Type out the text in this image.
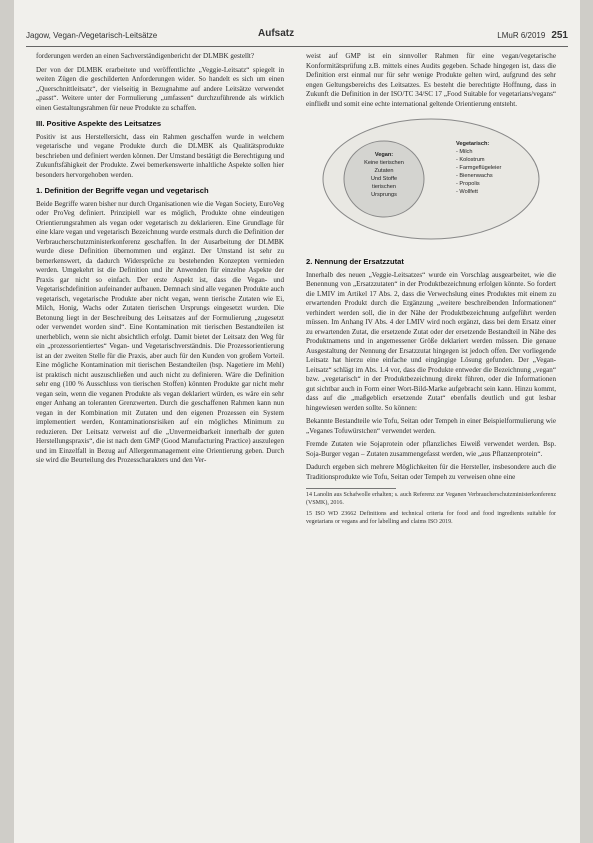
Jagow, Vegan-/Vegetarisch-Leitsätze	Aufsatz	LMuR 6/2019 251

forderungen werden an einen Sachverständigenbericht der DLMBK gestellt?

Der von der DLMBK erarbeitete und veröffentlichte „Veggie-Leitsatz“ spiegelt in weiten Zügen die geschilderten Anforderungen wider. So handelt es sich um einen „Querschnittleitsatz“, der vielseitig in Bezugnahme auf andere Leitsätze verwendet „passt“. Weitere unter der Formulierung „umfassen“ durchzuführende als wirklich einen Gestaltungsrahmen für neue Produkte zu schaffen.

III. Positive Aspekte des Leitsatzes

Positiv ist aus Herstellersicht, dass ein Rahmen geschaffen wurde in welchem vegetarische und vegane Produkte durch die DLMBK als Qualitätsprodukte beschrieben und definiert werden können. Der Umstand bestätigt die Berechtigung und Zukunftsfähigkeit der Produkte. Zwei bemerkenswerte inhaltliche Aspekte sollen hier besonders hervorgehoben werden.

1. Definition der Begriffe vegan und vegetarisch

Beide Begriffe waren bisher nur durch Organisationen wie die Vegan Society, EuroVeg oder ProVeg definiert. Prinzipiell war es möglich, Produkte ohne eindeutigen Orientierungsrahmen als vegan oder vegetarisch zu deklarieren. Eine Grundlage für eine klare vegan und vegetarisch Bezeichnung wurde erstmals durch die Definition der Verbraucherschutzministerkonferenz geschaffen. In der Ausarbeitung der DLMBK wurde diese Definition übernommen und ergänzt. Der Umstand ist sehr zu bemerkenswert, da dadurch Widersprüche zu bestehenden Konzepten vermieden werden. Umgekehrt ist die Definition und ihr Anwenden für einzelne Aspekte der Praxis gar nicht so einfach. Der erste Aspekt ist, dass die Vegan- und Vegetarischdefinition aufeinander aufbauen. Demnach sind alle veganen Produkte auch vegetarisch, vegetarische Produkte aber nicht vegan, wenn tierische Zutaten wie Ei, Milch, Honig, Wachs oder Zutaten tierischen Ursprungs eingesetzt wurden. Die Betonung liegt in der Beschreibung des Leitsatzes auf der Formulierung „zugesetzt oder verwendet worden sind“. Eine Kontamination mit tierischen Bestandteilen ist unerheblich, wenn sie nicht absichtlich erfolgt. Damit bietet der Leitsatz den Weg für ein „prozessorientiertes“ Vegan- und Vegetarischverständnis. Die Prozessorientierung ist an der zweiten Stelle für die Praxis, aber auch für den Kunden von großem Vorteil. Eine mögliche Kontamination mit tierischen Bestandteilen (bsp. Nagetiere im Mehl) ist praktisch nicht auszuschließen und auch nicht zu definieren. Wäre die Definition sehr eng (100 % Ausschluss von tierischen Stoffen) könnten Produkte gar nicht mehr vegan sein, wenn die veganen Produkte als vegan deklariert würden, es wäre ein sehr enger Anhang an toleranten Grenzwerten. Durch die geschaffenen Rahmen kann nun vegan in der Kombination mit Zutaten und den eigenen Prozessen ein System implementiert werden, Kontaminationsrisiken auf ein mögliches Minimum zu reduzieren. Der Leitsatz verweist auf die „Unvermeidbarkeit innerhalb der guten Herstellungspraxis“, die ist nach dem GMP (Good Manufacturing Practice) auszulegen und im Einzelfall in Bezug auf Allergenmanagement eine Orientierung geben. Durch sie wird die Beurteilung des Prozesscharakters und den Ver-

weist auf GMP ist ein sinnvoller Rahmen für eine vegan/vegetarische Konformitätsprüfung z.B. mittels eines Audits gegeben. Schade hingegen ist, dass die Definition erst einmal nur für sehr wenige Produkte gelten wird, aufgrund des sehr engen Geltungsbereichs des Leitsatzes. Es besteht die berechtigte Hoffnung, dass in Zukunft die Definition in der ISO/TC 34/SC 17 „Food Suitable for vegetarians/vegans“ einfließt und somit eine echte international geltende Orientierung entsteht.

Vegan:
Keine tierischen Zutaten
Und Stoffe
tierischen
Ursprungs
Vegetarisch:
- Milch
- Kolostrum
- Farmgeflügeleier
- Bienenwachs
- Propolis
- Wollfett
2. Nennung der Ersatzzutat

Innerhalb des neuen „Veggie-Leitsatzes“ wurde ein Vorschlag ausgearbeitet, wie die Benennung von „Ersatzzutaten“ in der Produktbezeichnung erfolgen könnte. So fordert die LMIV im Artikel 17 Abs. 2, dass die Verwechslung eines Produktes mit einem zu erwartenden Produkt durch die Ergänzung „weitere beschreibenden Informationen“ verhindert werden soll, die in der Nähe der Produktbezeichnung aufgeführt werden müssen. Im Anhang IV Abs. 4 der LMIV wird noch ergänzt, dass bei dem Ersatz einer zu erwartenden Zutat, die ersetzende Zutat oder der ersetzende Bestandteil in Nähe des Produktnamens und in angemessener Größe deklariert werden müssen. Die genaue Ausgestaltung der Nennung der Ersatzzutat hingegen ist jedoch offen. Der vorliegende Leitsatz hat hierzu eine einfache und eingängige Lösung gefunden. Der „Vegan-Leitsatz“ schlägt im Abs. 1.4 vor, dass die Produkte entweder die Bezeichnung „vegan“ bzw. „vegetarisch“ in der Produktbezeichnung direkt führen, oder die Informationen gut sichtbar auch in Form einer Wort-Bild-Marke aufgebracht sein kann. Hinzu kommt, dass auf die „maßgeblich ersetzende Zutat“ ebenfalls deutlich und gut lesbar hingewiesen werden sollte. So können:

Bekannte Bestandteile wie Tofu, Seitan oder Tempeh in einer Beispielformulierung wie „Veganes Tofuwürstchen“ verwendet werden.

Fremde Zutaten wie Sojaprotein oder pflanzliches Eiweiß verwendet werden. Bsp. Soja-Burger vegan – Zutaten zusammengefasst werden, wie „aus Pflanzenprotein“.

Dadurch ergeben sich mehrere Möglichkeiten für die Hersteller, insbesondere auch die Traditionsprodukte wie Tofu, Seitan oder Tempeh zu verweisen ohne eine

14 Lanolin aus Schafwolle erhalten; s. auch Referenz zur Veganen Verbraucherschutzministerkonferenz (VSMK), 2016.

15 ISO WD 23662 Definitions and technical criteria for food and food ingredients suitable for vegetarians or vegans and for labelling and claims ISO 2019.
